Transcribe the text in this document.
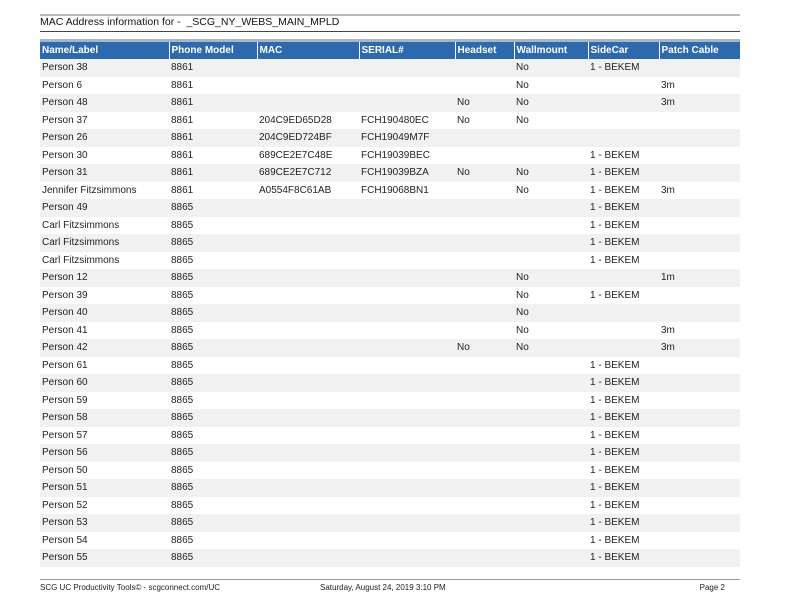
MAC Address information for -  _SCG_NY_WEBS_MAIN_MPLD
Name/Label	Phone Model	MAC	SERIAL#	Headset	Wallmount	SideCar	Patch Cable
Person 38	8861				No	1 - BEKEM	
Person 6	8861				No		3m
Person 48	8861			No	No		3m
Person 37	8861	204C9ED65D28	FCH190480EC	No	No		
Person 26	8861	204C9ED724BF	FCH19049M7F				
Person 30	8861	689CE2E7C48E	FCH19039BEC			1 - BEKEM	
Person 31	8861	689CE2E7C712	FCH19039BZA	No	No	1 - BEKEM	
Jennifer Fitzsimmons	8861	A0554F8C61AB	FCH19068BN1		No	1 - BEKEM	3m
Person 49	8865					1 - BEKEM	
Carl Fitzsimmons	8865					1 - BEKEM	
Carl Fitzsimmons	8865					1 - BEKEM	
Carl Fitzsimmons	8865					1 - BEKEM	
Person 12	8865				No		1m
Person 39	8865				No	1 - BEKEM	
Person 40	8865				No		
Person 41	8865				No		3m
Person 42	8865			No	No		3m
Person 61	8865					1 - BEKEM	
Person 60	8865					1 - BEKEM	
Person 59	8865					1 - BEKEM	
Person 58	8865					1 - BEKEM	
Person 57	8865					1 - BEKEM	
Person 56	8865					1 - BEKEM	
Person 50	8865					1 - BEKEM	
Person 51	8865					1 - BEKEM	
Person 52	8865					1 - BEKEM	
Person 53	8865					1 - BEKEM	
Person 54	8865					1 - BEKEM	
Person 55	8865					1 - BEKEM	
SCG UC Productivity Tools© - scgconnect.com/UC	Saturday, August 24, 2019 3:10 PM	Page 2
